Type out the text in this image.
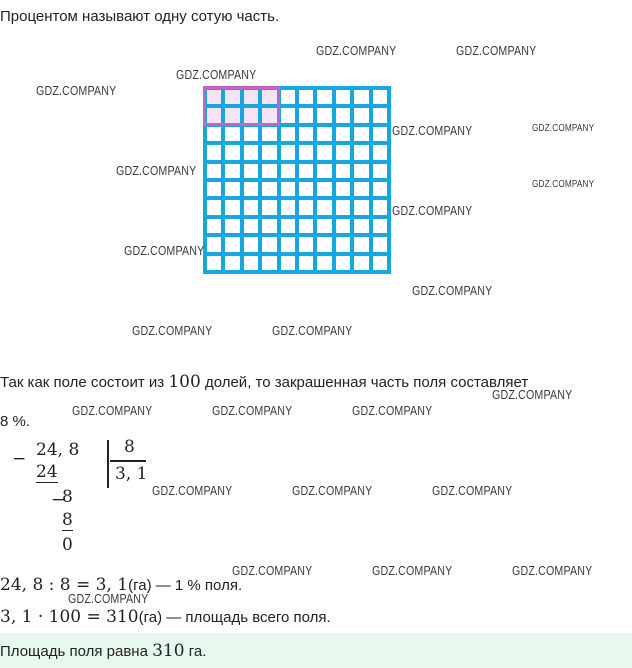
Процентом называют одну сотую часть.
Так как поле состоит из 100 долей, то закрашенная часть поля составляет
8 %.
− 24, 8
24
−
8
8
0
8
3, 1
24, 8 : 8 = 3, 1(га) — 1 % поля.
3, 1 · 100 = 310(га) — площадь всего поля.
Площадь поля равна 310 га.
GDZ.COMPANY	GDZ.COMPANY
GDZ.COMPANY
GDZ.COMPANY
GDZ.COMPANY	GDZ.COMPANY
GDZ.COMPANY
GDZ.COMPANY
GDZ.COMPANY
GDZ.COMPANY
GDZ.COMPANY
GDZ.COMPANY	GDZ.COMPANY
GDZ.COMPANY
GDZ.COMPANY	GDZ.COMPANY	GDZ.COMPANY
GDZ.COMPANY	GDZ.COMPANY	GDZ.COMPANY
GDZ.COMPANY	GDZ.COMPANY	GDZ.COMPANY
GDZ.COMPANY
